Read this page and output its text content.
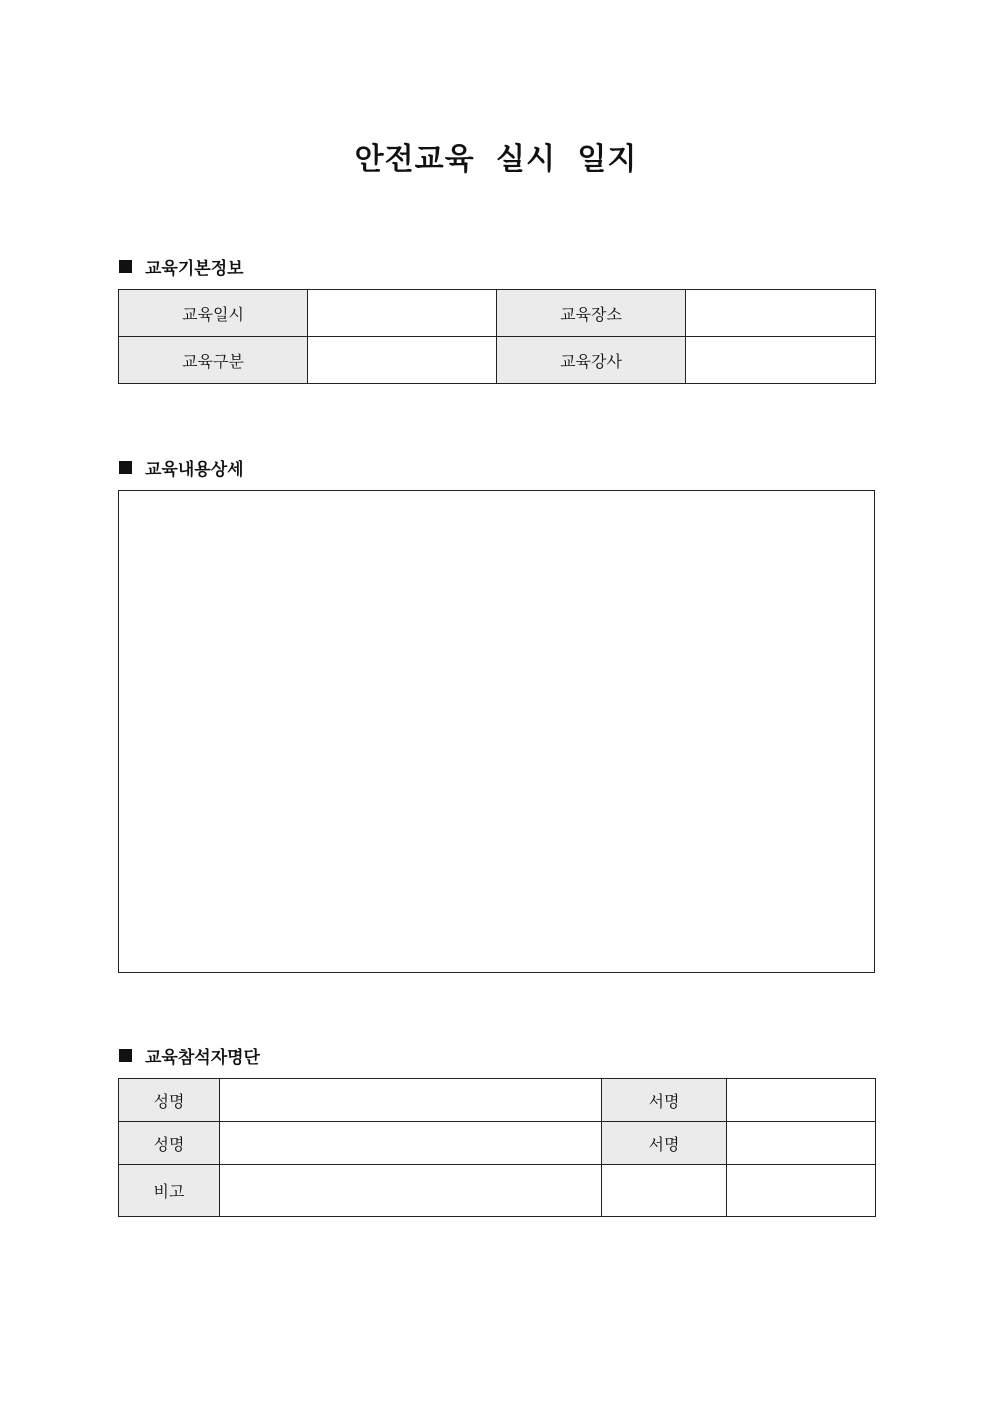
안전교육 실시 일지
교육기본정보
교육일시		교육장소	
교육구분		교육강사	
교육내용상세
교육참석자명단
성명		서명	
성명		서명	
비고			
